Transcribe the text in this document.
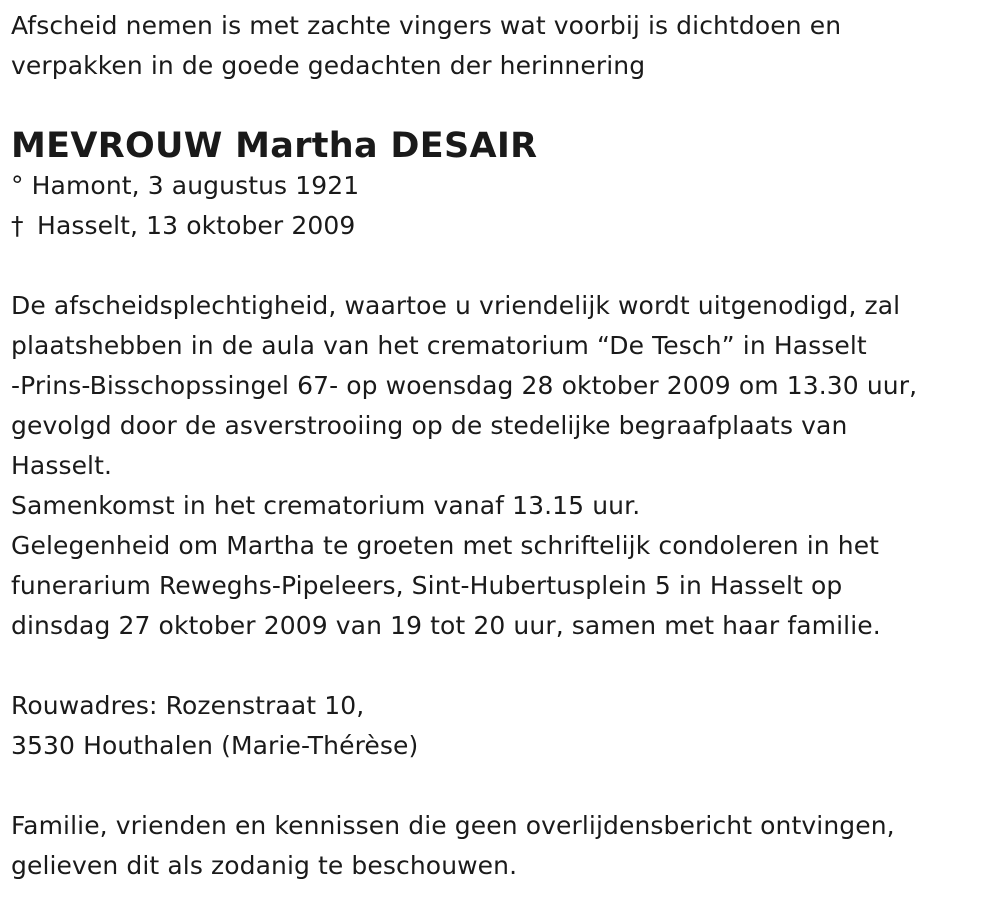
Afscheid nemen is met zachte vingers wat voorbij is dichtdoen en
verpakken in de goede gedachten der herinnering
MEVROUW Martha DESAIR
° Hamont, 3 augustus 1921
† Hasselt, 13 oktober 2009
De afscheidsplechtigheid, waartoe u vriendelijk wordt uitgenodigd, zal
plaatshebben in de aula van het crematorium “De Tesch” in Hasselt
-Prins-Bisschopssingel 67- op woensdag 28 oktober 2009 om 13.30 uur,
gevolgd door de asverstrooiing op de stedelijke begraafplaats van
Hasselt.
Samenkomst in het crematorium vanaf 13.15 uur.
Gelegenheid om Martha te groeten met schriftelijk condoleren in het
funerarium Reweghs-Pipeleers, Sint-Hubertusplein 5 in Hasselt op
dinsdag 27 oktober 2009 van 19 tot 20 uur, samen met haar familie.
Rouwadres: Rozenstraat 10,
3530 Houthalen (Marie-Thérèse)
Familie, vrienden en kennissen die geen overlijdensbericht ontvingen,
gelieven dit als zodanig te beschouwen.
